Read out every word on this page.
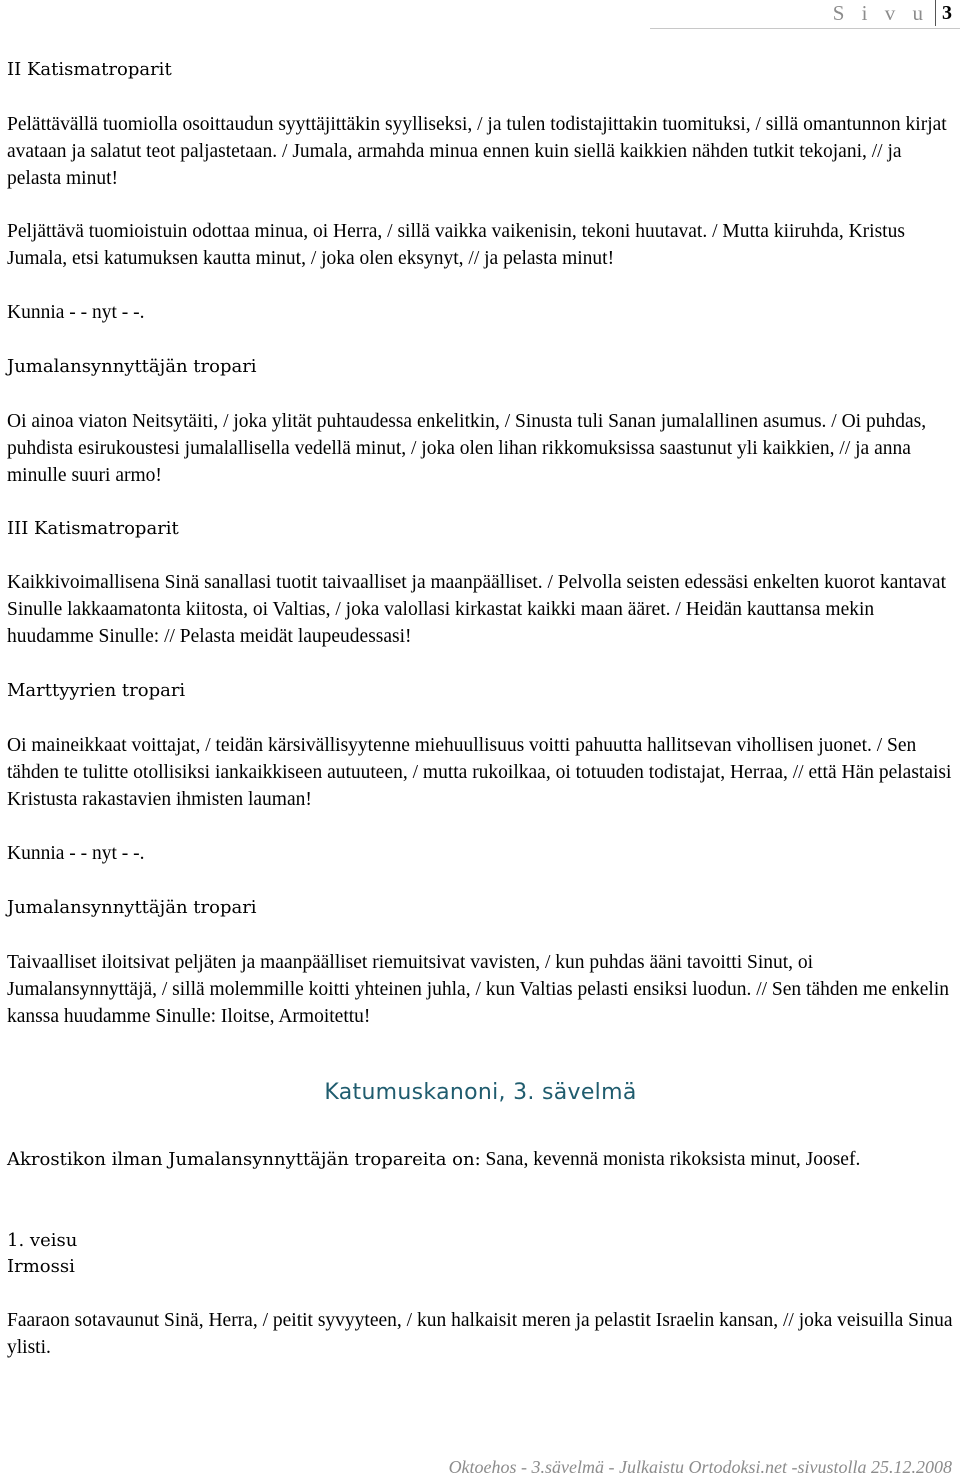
S i v u 3
II Katismatroparit
Pelättävällä tuomiolla osoittaudun syyttäjittäkin syylliseksi, / ja tulen todistajittakin tuomituksi, / sillä omantunnon kirjat avataan ja salatut teot paljastetaan. / Jumala, armahda minua ennen kuin siellä kaikkien nähden tutkit tekojani, // ja pelasta minut!
Peljättävä tuomioistuin odottaa minua, oi Herra, / sillä vaikka vaikenisin, tekoni huutavat. / Mutta kiiruhda, Kristus Jumala, etsi katumuksen kautta minut, / joka olen eksynyt, // ja pelasta minut!
Kunnia - - nyt - -.
Jumalansynnyttäjän tropari
Oi ainoa viaton Neitsytäiti, / joka ylität puhtaudessa enkelitkin, / Sinusta tuli Sanan jumalallinen asumus. / Oi puhdas, puhdista esirukoustesi jumalallisella vedellä minut, / joka olen lihan rikkomuksissa saastunut yli kaikkien, // ja anna minulle suuri armo!
III Katismatroparit
Kaikkivoimallisena Sinä sanallasi tuotit taivaalliset ja maanpäälliset. / Pelvolla seisten edessäsi enkelten kuorot kantavat Sinulle lakkaamatonta kiitosta, oi Valtias, / joka valollasi kirkastat kaikki maan ääret. / Heidän kauttansa mekin huudamme Sinulle: // Pelasta meidät laupeudessasi!
Marttyyrien tropari
Oi maineikkaat voittajat, / teidän kärsivällisyytenne miehuullisuus voitti pahuutta hallitsevan vihollisen juonet. / Sen tähden te tulitte otollisiksi iankaikkiseen autuuteen, / mutta rukoilkaa, oi totuuden todistajat, Herraa, // että Hän pelastaisi Kristusta rakastavien ihmisten lauman!
Kunnia - - nyt - -.
Jumalansynnyttäjän tropari
Taivaalliset iloitsivat peljäten ja maanpäälliset riemuitsivat vavisten, / kun puhdas ääni tavoitti Sinut, oi Jumalansynnyttäjä, / sillä molemmille koitti yhteinen juhla, / kun Valtias pelasti ensiksi luodun. // Sen tähden me enkelin kanssa huudamme Sinulle: Iloitse, Armoitettu!
Katumuskanoni, 3. sävelmä
Akrostikon ilman Jumalansynnyttäjän tropareita on: Sana, kevennä monista rikoksista minut, Joosef.
1. veisu
Irmossi
Faaraon sotavaunut Sinä, Herra, / peitit syvyyteen, / kun halkaisit meren ja pelastit Israelin kansan, // joka veisuilla Sinua ylisti.
Oktoehos - 3.sävelmä - Julkaistu Ortodoksi.net -sivustolla 25.12.2008
